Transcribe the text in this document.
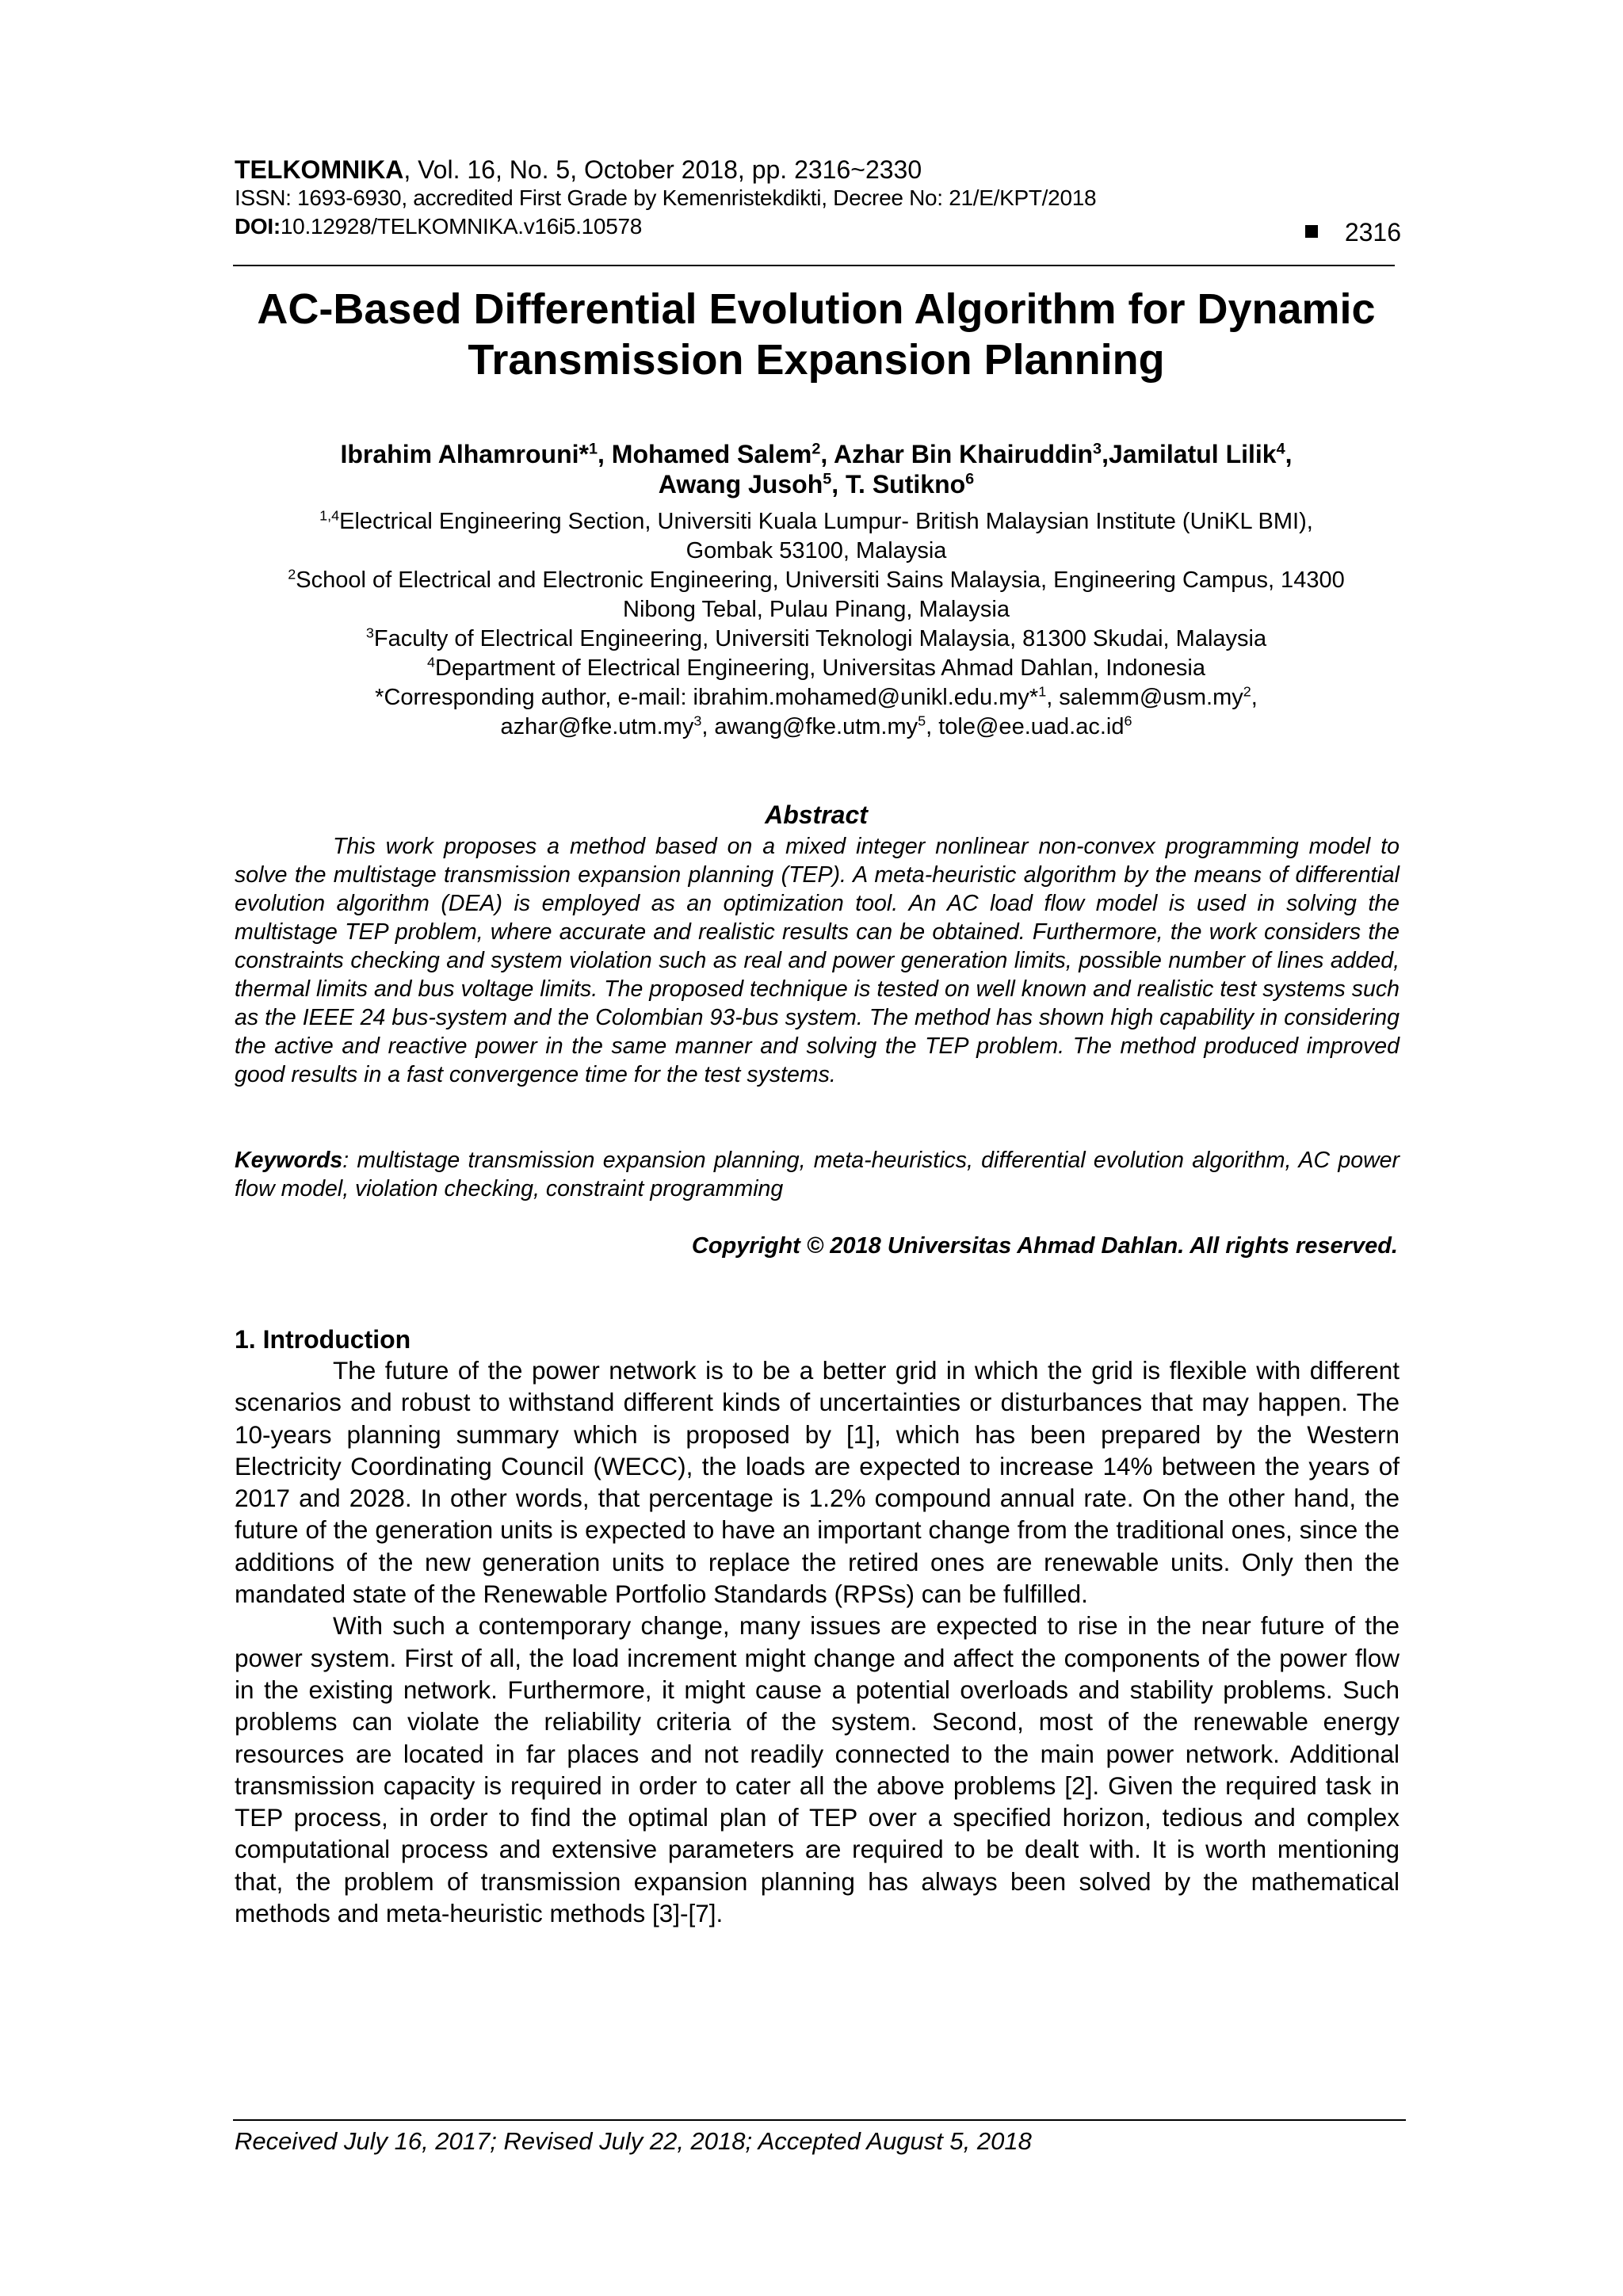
TELKOMNIKA, Vol. 16, No. 5, October 2018, pp. 2316~2330
ISSN: 1693-6930, accredited First Grade by Kemenristekdikti, Decree No: 21/E/KPT/2018
DOI:10.12928/TELKOMNIKA.v16i5.10578	2316
AC-Based Differential Evolution Algorithm for Dynamic
Transmission Expansion Planning
Ibrahim Alhamrouni*$^1$, Mohamed Salem$^2$, Azhar Bin Khairuddin$^3$,Jamilatul Lilik$^4$,
Awang Jusoh$^5$, T. Sutikno$^6$
$^{1,4}$Electrical Engineering Section, Universiti Kuala Lumpur- British Malaysian Institute (UniKL BMI),
Gombak 53100, Malaysia
$^2$School of Electrical and Electronic Engineering, Universiti Sains Malaysia, Engineering Campus, 14300
Nibong Tebal, Pulau Pinang, Malaysia
$^3$Faculty of Electrical Engineering, Universiti Teknologi Malaysia, 81300 Skudai, Malaysia
$^4$Department of Electrical Engineering, Universitas Ahmad Dahlan, Indonesia
*Corresponding author, e-mail: ibrahim.mohamed@unikl.edu.my*$^1$, $salemm@usm.my^2$,
$azhar@fke.utm.my^3$, $awang@fke.utm.my^5$, $tole@ee.uad.ac.id^6$
Abstract
This work proposes a method based on a mixed integer nonlinear non-convex programming model to solve the multistage transmission expansion planning (TEP). A meta-heuristic algorithm by the means of differential evolution algorithm (DEA) is employed as an optimization tool. An AC load flow model is used in solving the multistage TEP problem, where accurate and realistic results can be obtained. Furthermore, the work considers the constraints checking and system violation such as real and power generation limits, possible number of lines added, thermal limits and bus voltage limits. The proposed technique is tested on well known and realistic test systems such as the IEEE 24 bus-system and the Colombian 93-bus system. The method has shown high capability in considering the active and reactive power in the same manner and solving the TEP problem. The method produced improved good results in a fast convergence time for the test systems.
Keywords: multistage transmission expansion planning, meta-heuristics, differential evolution algorithm, AC power flow model, violation checking, constraint programming
Copyright © 2018 Universitas Ahmad Dahlan. All rights reserved.
1. Introduction

The future of the power network is to be a better grid in which the grid is flexible with different scenarios and robust to withstand different kinds of uncertainties or disturbances that may happen. The 10-years planning summary which is proposed by [1], which has been prepared by the Western Electricity Coordinating Council (WECC), the loads are expected to increase 14% between the years of 2017 and 2028. In other words, that percentage is 1.2% compound annual rate. On the other hand, the future of the generation units is expected to have an important change from the traditional ones, since the additions of the new generation units to replace the retired ones are renewable units. Only then the mandated state of the Renewable Portfolio Standards (RPSs) can be fulfilled.

With such a contemporary change, many issues are expected to rise in the near future of the power system. First of all, the load increment might change and affect the components of the power flow in the existing network. Furthermore, it might cause a potential overloads and stability problems. Such problems can violate the reliability criteria of the system. Second, most of the renewable energy resources are located in far places and not readily connected to the main power network. Additional transmission capacity is required in order to cater all the above problems [2]. Given the required task in TEP process, in order to find the optimal plan of TEP over a specified horizon, tedious and complex computational process and extensive parameters are required to be dealt with. It is worth mentioning that, the problem of transmission expansion planning has always been solved by the mathematical methods and meta-heuristic methods [3]-[7].

Received July 16, 2017; Revised July 22, 2018; Accepted August 5, 2018
